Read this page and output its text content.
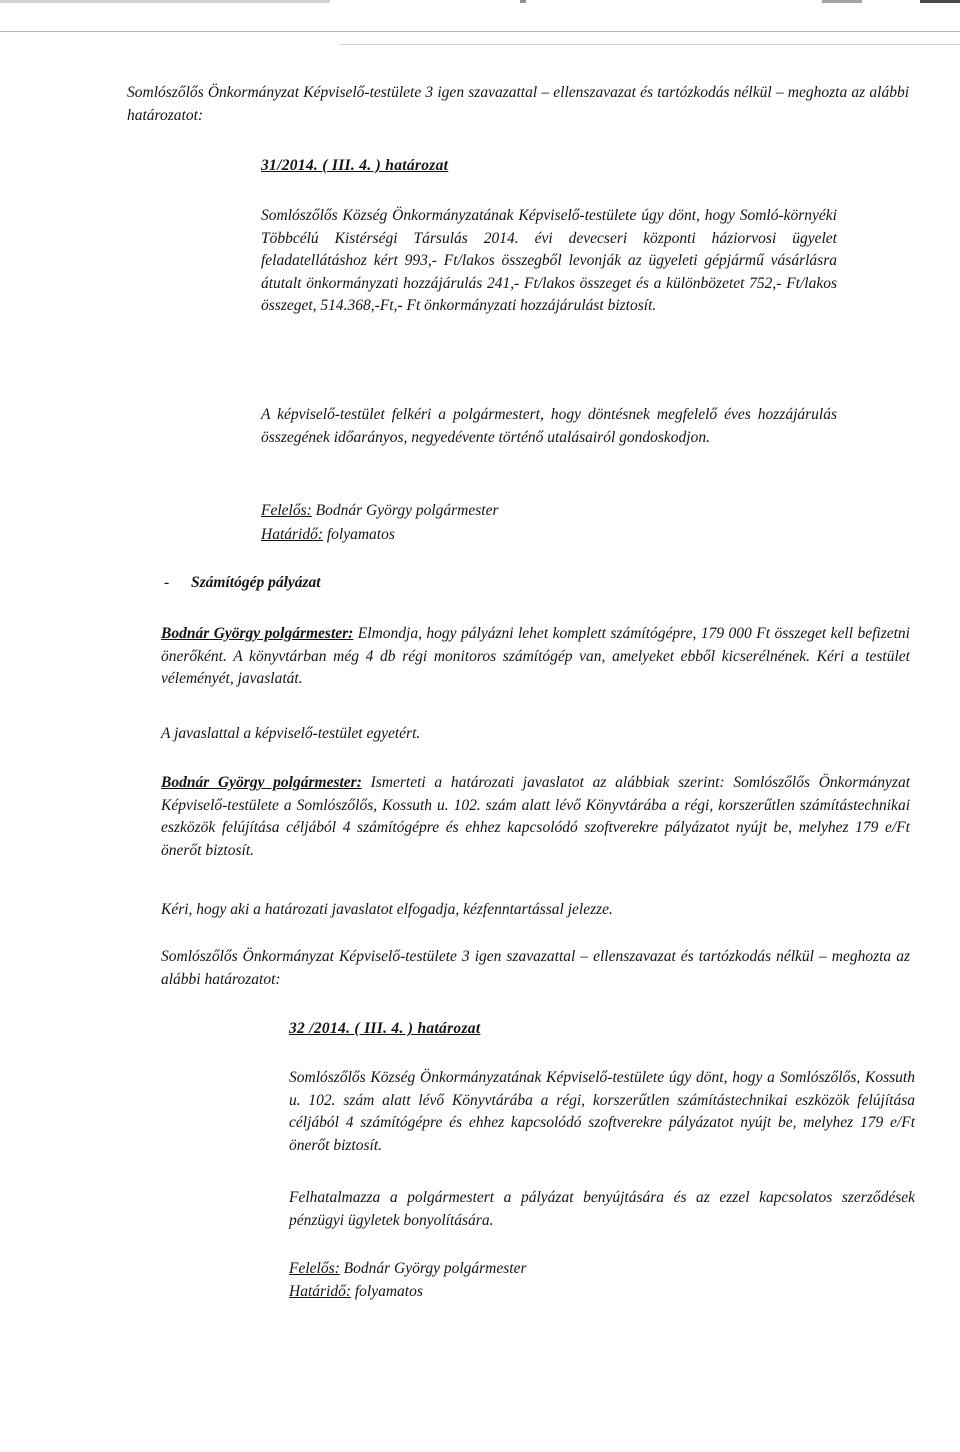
Somlószőlős Önkormányzat Képviselő-testülete 3 igen szavazattal – ellenszavazat és tartózkodás nélkül – meghozta az alábbi határozatot:

31/2014. ( III. 4. ) határozat

Somlószőlős Község Önkormányzatának Képviselő-testülete úgy dönt, hogy Somló-környéki Többcélú Kistérségi Társulás 2014. évi devecseri központi háziorvosi ügyelet feladatellátáshoz kért 993,- Ft/lakos összegből levonják az ügyeleti gépjármű vásárlásra átutalt önkormányzati hozzájárulás 241,- Ft/lakos összeget és a különbözetet 752,- Ft/lakos összeget, 514.368,-Ft,- Ft önkormányzati hozzájárulást biztosít.

A képviselő-testület felkéri a polgármestert, hogy döntésnek megfelelő éves hozzájárulás összegének időarányos, negyedévente történő utalásairól gondoskodjon.

Felelős: Bodnár György polgármester

Határidő: folyamatos

- Számítógép pályázat

Bodnár György polgármester: Elmondja, hogy pályázni lehet komplett számítógépre, 179 000 Ft összeget kell befizetni önerőként. A könyvtárban még 4 db régi monitoros számítógép van, amelyeket ebből kicserélnének. Kéri a testület véleményét, javaslatát.

A javaslattal a képviselő-testület egyetért.

Bodnár György polgármester: Ismerteti a határozati javaslatot az alábbiak szerint: Somlószőlős Önkormányzat Képviselő-testülete a Somlószőlős, Kossuth u. 102. szám alatt lévő Könyvtárába a régi, korszerűtlen számítástechnikai eszközök felújítása céljából 4 számítógépre és ehhez kapcsolódó szoftverekre pályázatot nyújt be, melyhez 179 e/Ft önerőt biztosít.

Kéri, hogy aki a határozati javaslatot elfogadja, kézfenntartással jelezze.

Somlószőlős Önkormányzat Képviselő-testülete 3 igen szavazattal – ellenszavazat és tartózkodás nélkül – meghozta az alábbi határozatot:

32 /2014. ( III. 4. ) határozat

Somlószőlős Község Önkormányzatának Képviselő-testülete úgy dönt, hogy a Somlószőlős, Kossuth u. 102. szám alatt lévő Könyvtárába a régi, korszerűtlen számítástechnikai eszközök felújítása céljából 4 számítógépre és ehhez kapcsolódó szoftverekre pályázatot nyújt be, melyhez 179 e/Ft önerőt biztosít.

Felhatalmazza a polgármestert a pályázat benyújtására és az ezzel kapcsolatos szerződések pénzügyi ügyletek bonyolítására.

Felelős: Bodnár György polgármester

Határidő: folyamatos
